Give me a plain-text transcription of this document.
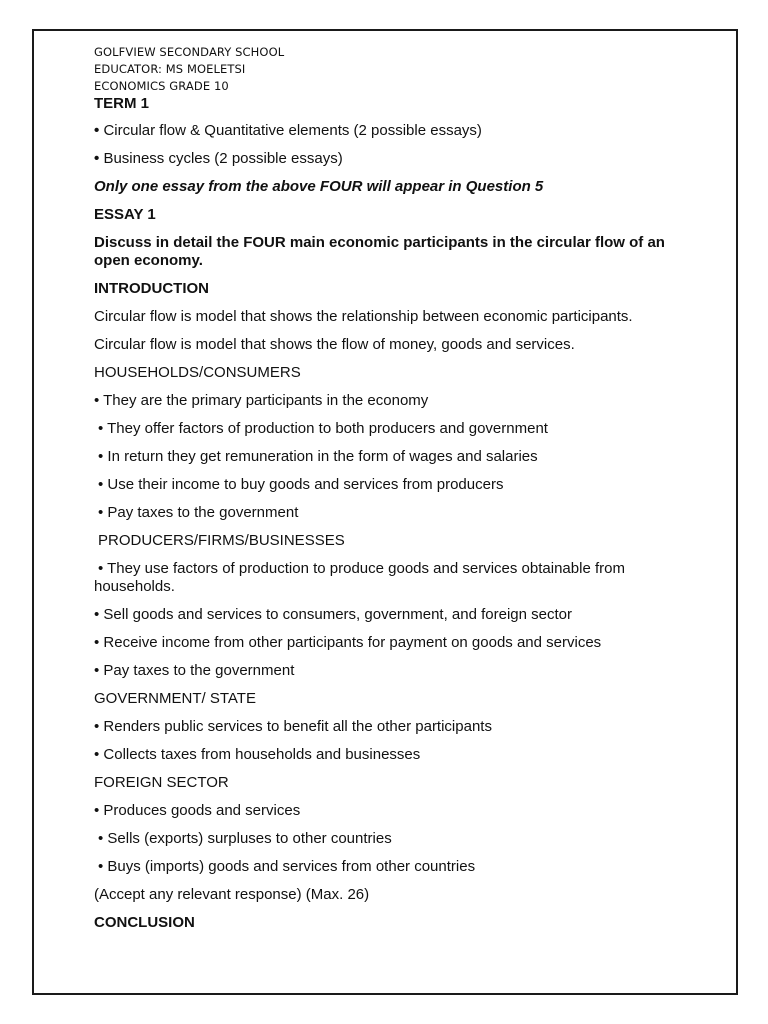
GOLFVIEW SECONDARY SCHOOL
EDUCATOR: MS MOELETSI
ECONOMICS GRADE 10
TERM 1
• Circular flow & Quantitative elements (2 possible essays)
• Business cycles (2 possible essays)
Only one essay from the above FOUR will appear in Question 5
ESSAY 1
Discuss in detail the FOUR main economic participants in the circular flow of an open economy.
INTRODUCTION
Circular flow is model that shows the relationship between economic participants.
Circular flow is model that shows the flow of money, goods and services.
HOUSEHOLDS/CONSUMERS
• They are the primary participants in the economy
• They offer factors of production to both producers and government
• In return they get remuneration in the form of wages and salaries
• Use their income to buy goods and services from producers
• Pay taxes to the government
PRODUCERS/FIRMS/BUSINESSES
• They use factors of production to produce goods and services obtainable from households.
• Sell goods and services to consumers, government, and foreign sector
• Receive income from other participants for payment on goods and services
• Pay taxes to the government
GOVERNMENT/ STATE
• Renders public services to benefit all the other participants
• Collects taxes from households and businesses
FOREIGN SECTOR
• Produces goods and services
• Sells (exports) surpluses to other countries
• Buys (imports) goods and services from other countries
(Accept any relevant response) (Max. 26)
CONCLUSION
